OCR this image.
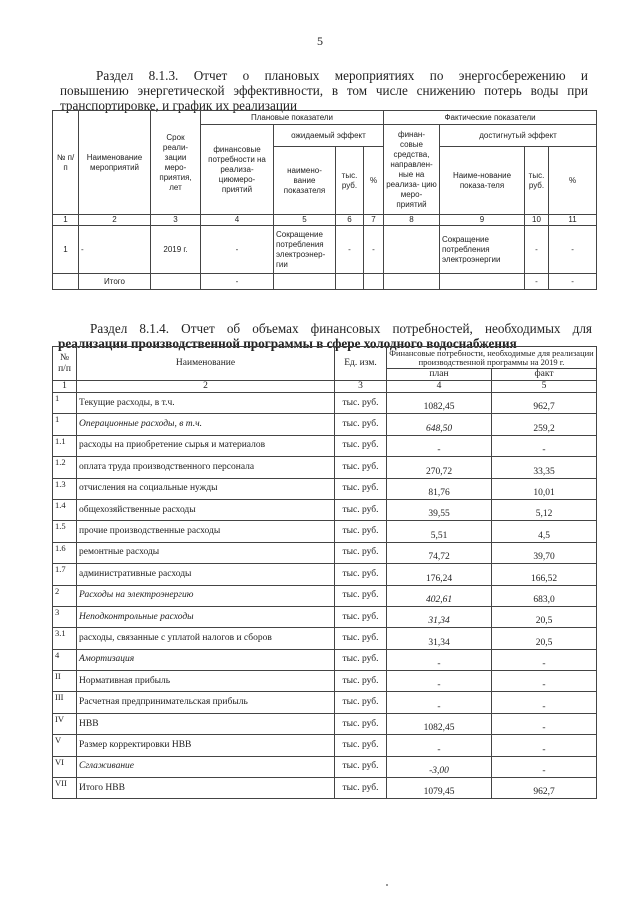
5
Раздел 8.1.3. Отчет о плановых мероприятиях по энергосбережению и
повышению энергетической эффективности, в том числе снижению потерь воды при
транспортировке, и график их реализации
№ п/п	Наименование мероприятий	Срок реали- зации меро- приятия, лет	Плановые показатели				Фактические показатели			
			финансовые потребности на реализа- циюмеро- приятий	ожидаемый эффект			финан- совые средства, направлен- ные на реализа- цию меро- приятий	достигнутый эффект		
				наимено- вание показателя	тыс. руб.	%		Наиме-нование показа-теля	тыс. руб.	%
1	2	3	4	5	6	7	8	9	10	11
1	-	2019 г.	-	Сокращение потребления электроэнер- гии	-	-		Сокращение потребления электроэнергии	-	-
	Итого		-						-	-
Раздел 8.1.4. Отчет об объемах финансовых потребностей, необходимых для
реализации производственной программы в сфере холодного водоснабжения
№ п/п	Наименование	Ед. изм.	Финансовые потребности, необходимые для реализации производственной программы на 2019 г.	
			план	факт
1	2	3	4	5
1	Текущие расходы, в т.ч.	тыс. руб.	1082,45	962,7
1	Операционные расходы, в т.ч.	тыс. руб.	648,50	259,2
1.1	расходы на приобретение сырья и материалов	тыс. руб.	-	-
1.2	оплата труда производственного персонала	тыс. руб.	270,72	33,35
1.3	отчисления на социальные нужды	тыс. руб.	81,76	10,01
1.4	общехозяйственные расходы	тыс. руб.	39,55	5,12
1.5	прочие производственные расходы	тыс. руб.	5,51	4,5
1.6	ремонтные расходы	тыс. руб.	74,72	39,70
1.7	административные расходы	тыс. руб.	176,24	166,52
2	Расходы на электроэнергию	тыс. руб.	402,61	683,0
3	Неподконтрольные расходы	тыс. руб.	31,34	20,5
3.1	расходы, связанные с уплатой налогов и сборов	тыс. руб.	31,34	20,5
4	Амортизация	тыс. руб.	-	-
II	Нормативная прибыль	тыс. руб.	-	-
III	Расчетная предпринимательская прибыль	тыс. руб.	-	-
IV	НВВ	тыс. руб.	1082,45	-
V	Размер корректировки НВВ	тыс. руб.	-	-
VI	Сглаживание	тыс. руб.	-3,00	-
VII	Итого НВВ	тыс. руб.	1079,45	962,7
